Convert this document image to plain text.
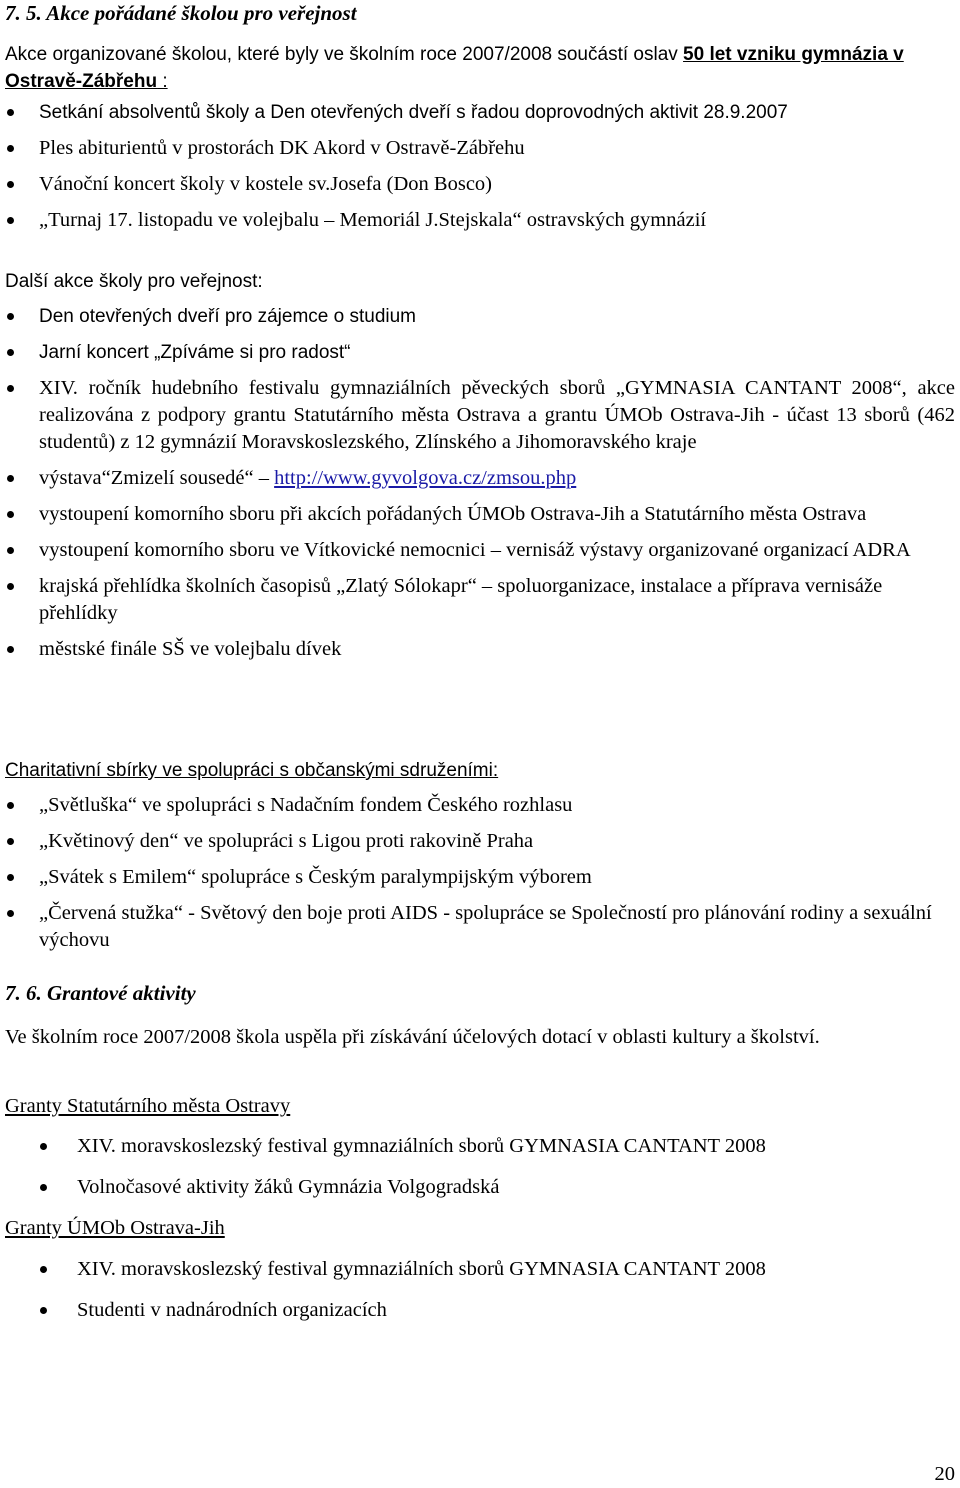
7. 5. Akce pořádané školou pro veřejnost

Akce organizované školou, které byly ve školním roce 2007/2008 součástí oslav 50 let vzniku gymnázia v Ostravě-Zábřehu :

Setkání absolventů školy a Den otevřených dveří s řadou doprovodných aktivit 28.9.2007
Ples abiturientů v prostorách DK Akord v Ostravě-Zábřehu
Vánoční koncert školy v kostele sv.Josefa (Don Bosco)
„Turnaj 17. listopadu ve volejbalu – Memoriál J.Stejskala“ ostravských gymnázií
Další akce školy pro veřejnost:
Den otevřených dveří pro zájemce o studium
Jarní koncert „Zpíváme si pro radost“
XIV. ročník hudebního festivalu gymnaziálních pěveckých sborů „GYMNASIA CANTANT 2008“, akce realizována z podpory grantu Statutárního města Ostrava a grantu ÚMOb Ostrava-Jih - účast 13 sborů (462 studentů) z 12 gymnázií Moravskoslezského, Zlínského a Jihomoravského kraje
výstava“Zmizelí sousedé“ – http://www.gyvolgova.cz/zmsou.php
vystoupení komorního sboru při akcích pořádaných ÚMOb Ostrava-Jih a Statutárního města Ostrava
vystoupení komorního sboru ve Vítkovické nemocnici – vernisáž výstavy organizované organizací ADRA
krajská přehlídka školních časopisů „Zlatý Sólokapr“ – spoluorganizace, instalace a příprava vernisáže přehlídky
městské finále SŠ ve volejbalu dívek
Charitativní sbírky ve spolupráci s občanskými sdruženími:
„Světluška“ ve spolupráci s Nadačním fondem Českého rozhlasu
„Květinový den“ ve spolupráci s Ligou proti rakovině Praha
„Svátek s Emilem“ spolupráce s Českým paralympijským výborem
„Červená stužka“ - Světový den boje proti AIDS - spolupráce se Společností pro plánování rodiny a sexuální výchovu
7. 6. Grantové aktivity

Ve školním roce 2007/2008 škola uspěla při získávání účelových dotací v oblasti kultury a školství.

Granty Statutárního města Ostravy
XIV. moravskoslezský festival gymnaziálních sborů GYMNASIA CANTANT 2008
Volnočasové aktivity žáků Gymnázia Volgogradská
Granty ÚMOb Ostrava-Jih
XIV. moravskoslezský festival gymnaziálních sborů GYMNASIA CANTANT 2008
Studenti v nadnárodních organizacích
20
